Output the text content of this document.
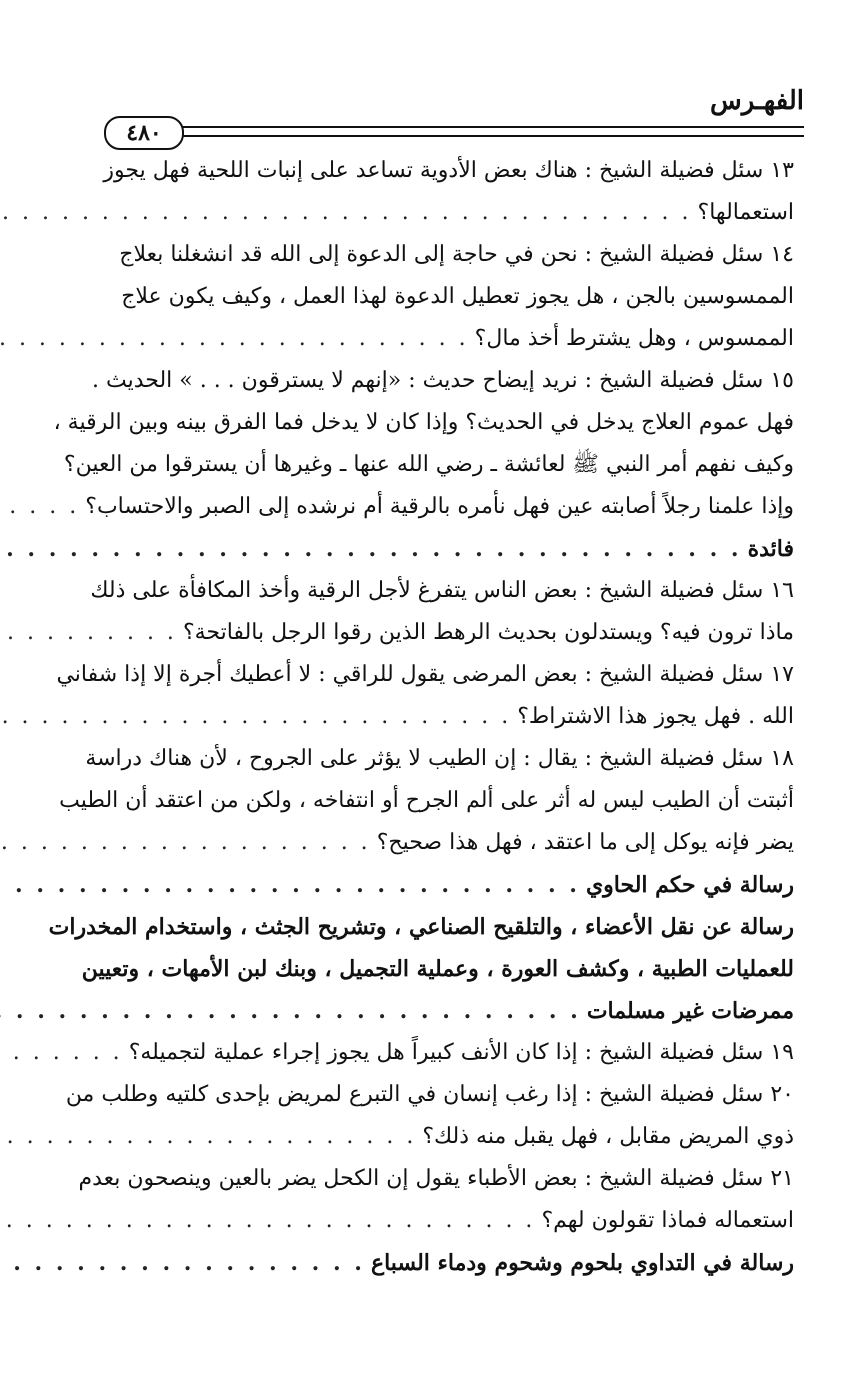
الفهـرس
٤٨٠
١٣ سئل فضيلة الشيخ : هناك بعض الأدوية تساعد على إنبات اللحية فهل يجوز
استعمالها؟
. . .
١٤ سئل فضيلة الشيخ : نحن في حاجة إلى الدعوة إلى الله قد انشغلنا بعلاج
الممسوسين بالجن ، هل يجوز تعطيل الدعوة لهذا العمل ، وكيف يكون علاج
الممسوس ، وهل يشترط أخذ مال؟
. . .
١٥ سئل فضيلة الشيخ : نريد إيضاح حديث : «إنهم لا يسترقون . . . » الحديث .
فهل عموم العلاج يدخل في الحديث؟ وإذا كان لا يدخل فما الفرق بينه وبين الرقية ،
وكيف نفهم أمر النبي ﷺ لعائشة ـ رضي الله عنها ـ وغيرها أن يسترقوا من العين؟
وإذا علمنا رجلاً أصابته عين فهل نأمره بالرقية أم نرشده إلى الصبر والاحتساب؟
. . .
فائدة
. . .
١٦ سئل فضيلة الشيخ : بعض الناس يتفرغ لأجل الرقية وأخذ المكافأة على ذلك
ماذا ترون فيه؟ ويستدلون بحديث الرهط الذين رقوا الرجل بالفاتحة؟
. . .
١٧ سئل فضيلة الشيخ : بعض المرضى يقول للراقي : لا أعطيك أجرة إلا إذا شفاني
الله . فهل يجوز هذا الاشتراط؟
. . .
١٨ سئل فضيلة الشيخ : يقال : إن الطيب لا يؤثر على الجروح ، لأن هناك دراسة
أثبتت أن الطيب ليس له أثر على ألم الجرح أو انتفاخه ، ولكن من اعتقد أن الطيب
يضر فإنه يوكل إلى ما اعتقد ، فهل هذا صحيح؟
. . .
رسالة في حكم الحاوي
. . .
رسالة عن نقل الأعضاء ، والتلقيح الصناعي ، وتشريح الجثث ، واستخدام المخدرات
للعمليات الطبية ، وكشف العورة ، وعملية التجميل ، وبنك لبن الأمهات ، وتعيين
ممرضات غير مسلمات
. . .
١٩ سئل فضيلة الشيخ : إذا كان الأنف كبيراً هل يجوز إجراء عملية لتجميله؟
. . .
٢٠ سئل فضيلة الشيخ : إذا رغب إنسان في التبرع لمريض بإحدى كلتيه وطلب من
ذوي المريض مقابل ، فهل يقبل منه ذلك؟
. . .
٢١ سئل فضيلة الشيخ : بعض الأطباء يقول إن الكحل يضر بالعين وينصحون بعدم
استعماله فماذا تقولون لهم؟
. . .
رسالة في التداوي بلحوم وشحوم ودماء السباع
. . .
